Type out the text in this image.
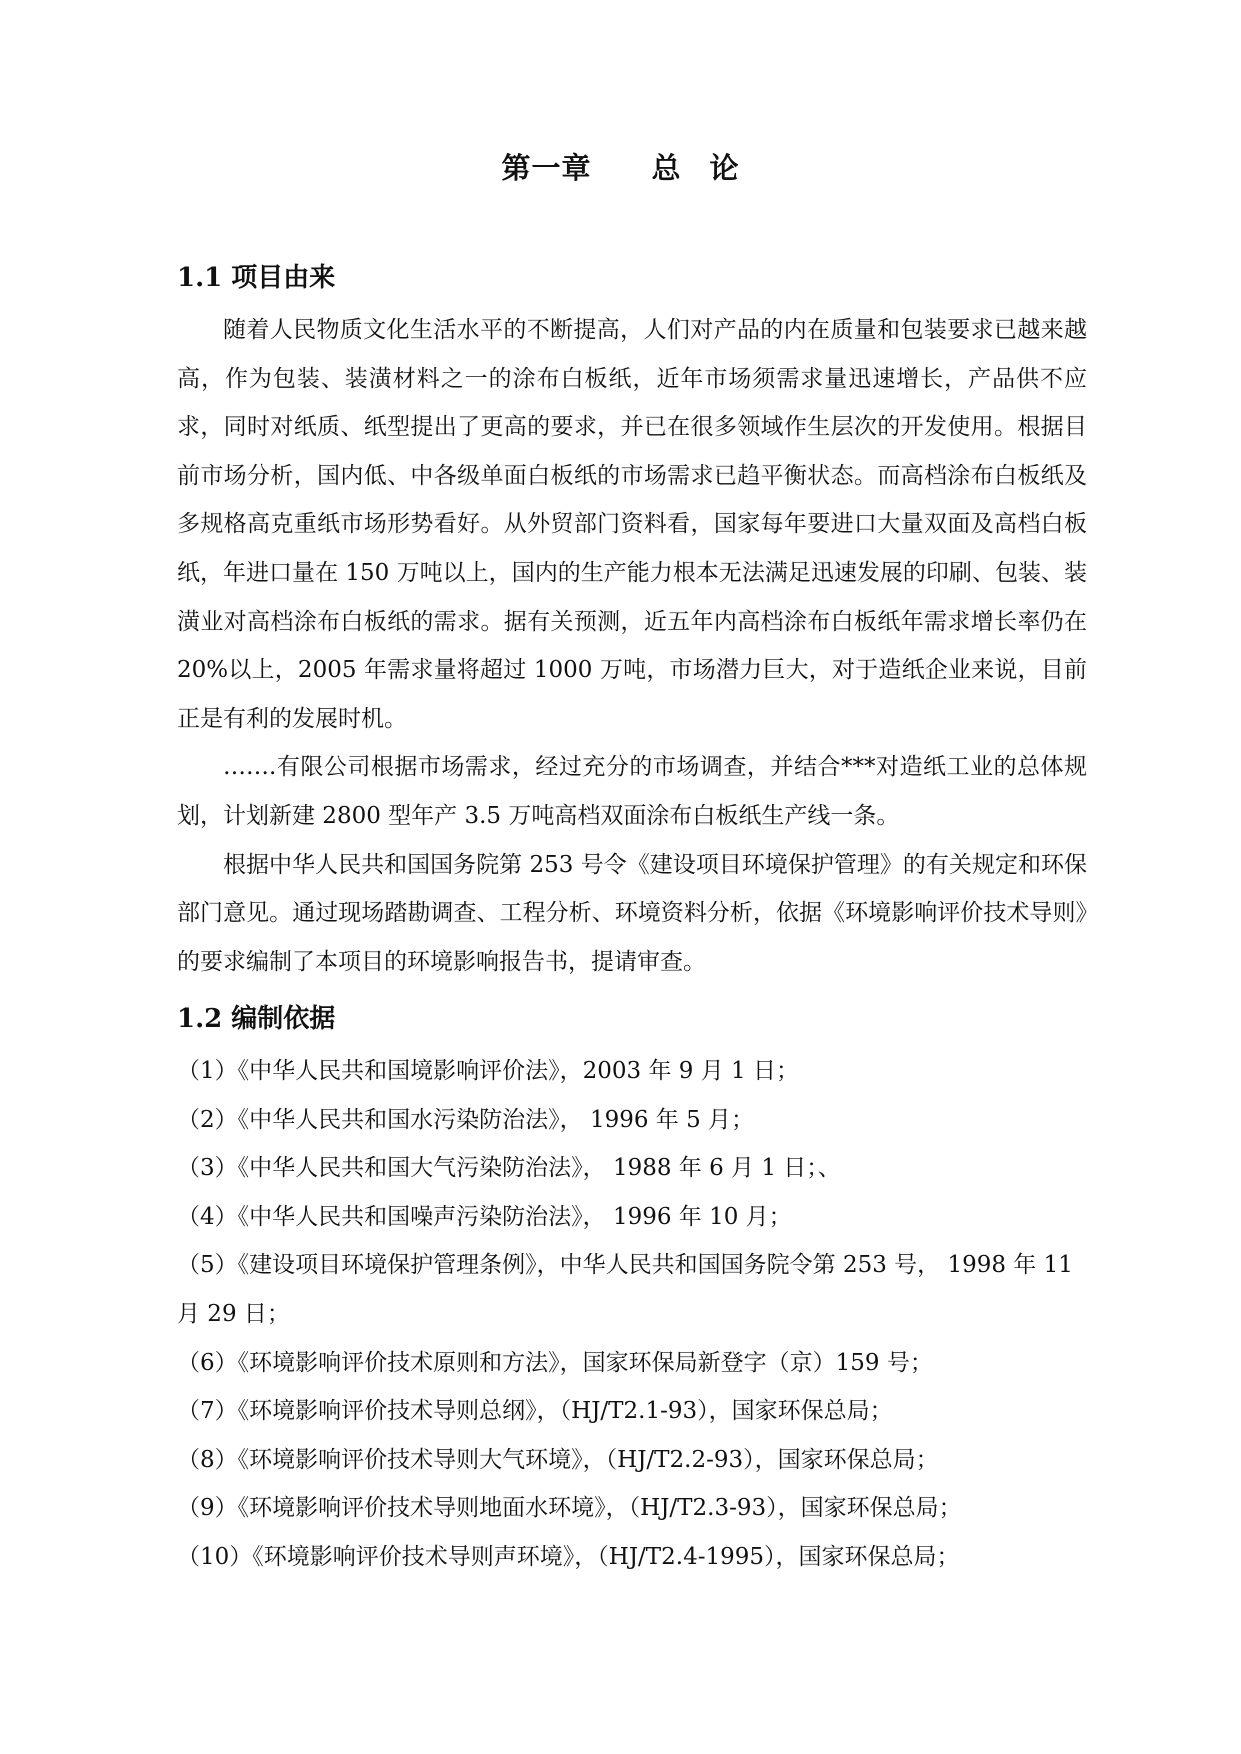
第一章 总 论
1.1 项目由来

随着人民物质文化生活水平的不断提高，人们对产品的内在质量和包装要求已越来越高，作为包装、装潢材料之一的涂布白板纸，近年市场须需求量迅速增长，产品供不应求，同时对纸质、纸型提出了更高的要求，并已在很多领域作生层次的开发使用。根据目前市场分析，国内低、中各级单面白板纸的市场需求已趋平衡状态。而高档涂布白板纸及多规格高克重纸市场形势看好。从外贸部门资料看，国家每年要进口大量双面及高档白板纸，年进口量在 150 万吨以上，国内的生产能力根本无法满足迅速发展的印刷、包装、装潢业对高档涂布白板纸的需求。据有关预测，近五年内高档涂布白板纸年需求增长率仍在 20%以上，2005 年需求量将超过 1000 万吨，市场潜力巨大，对于造纸企业来说，目前正是有利的发展时机。

…….有限公司根据市场需求，经过充分的市场调查，并结合***对造纸工业的总体规划，计划新建 2800 型年产 3.5 万吨高档双面涂布白板纸生产线一条。

根据中华人民共和国国务院第 253 号令《建设项目环境保护管理》的有关规定和环保部门意见。通过现场踏勘调查、工程分析、环境资料分析，依据《环境影响评价技术导则》的要求编制了本项目的环境影响报告书，提请审查。

1.2 编制依据
（1）《中华人民共和国境影响评价法》，2003 年 9 月 1 日；
（2）《中华人民共和国水污染防治法》， 1996 年 5 月；
（3）《中华人民共和国大气污染防治法》， 1988 年 6 月 1 日；、
（4）《中华人民共和国噪声污染防治法》， 1996 年 10 月；
（5）《建设项目环境保护管理条例》，中华人民共和国国务院令第 253 号， 1998 年 11 月 29 日；
（6）《环境影响评价技术原则和方法》，国家环保局新登字（京）159 号；
（7）《环境影响评价技术导则总纲》，（HJ/T2.1-93），国家环保总局；
（8）《环境影响评价技术导则大气环境》，（HJ/T2.2-93），国家环保总局；
（9）《环境影响评价技术导则地面水环境》，（HJ/T2.3-93），国家环保总局；
（10）《环境影响评价技术导则声环境》，（HJ/T2.4-1995），国家环保总局；
